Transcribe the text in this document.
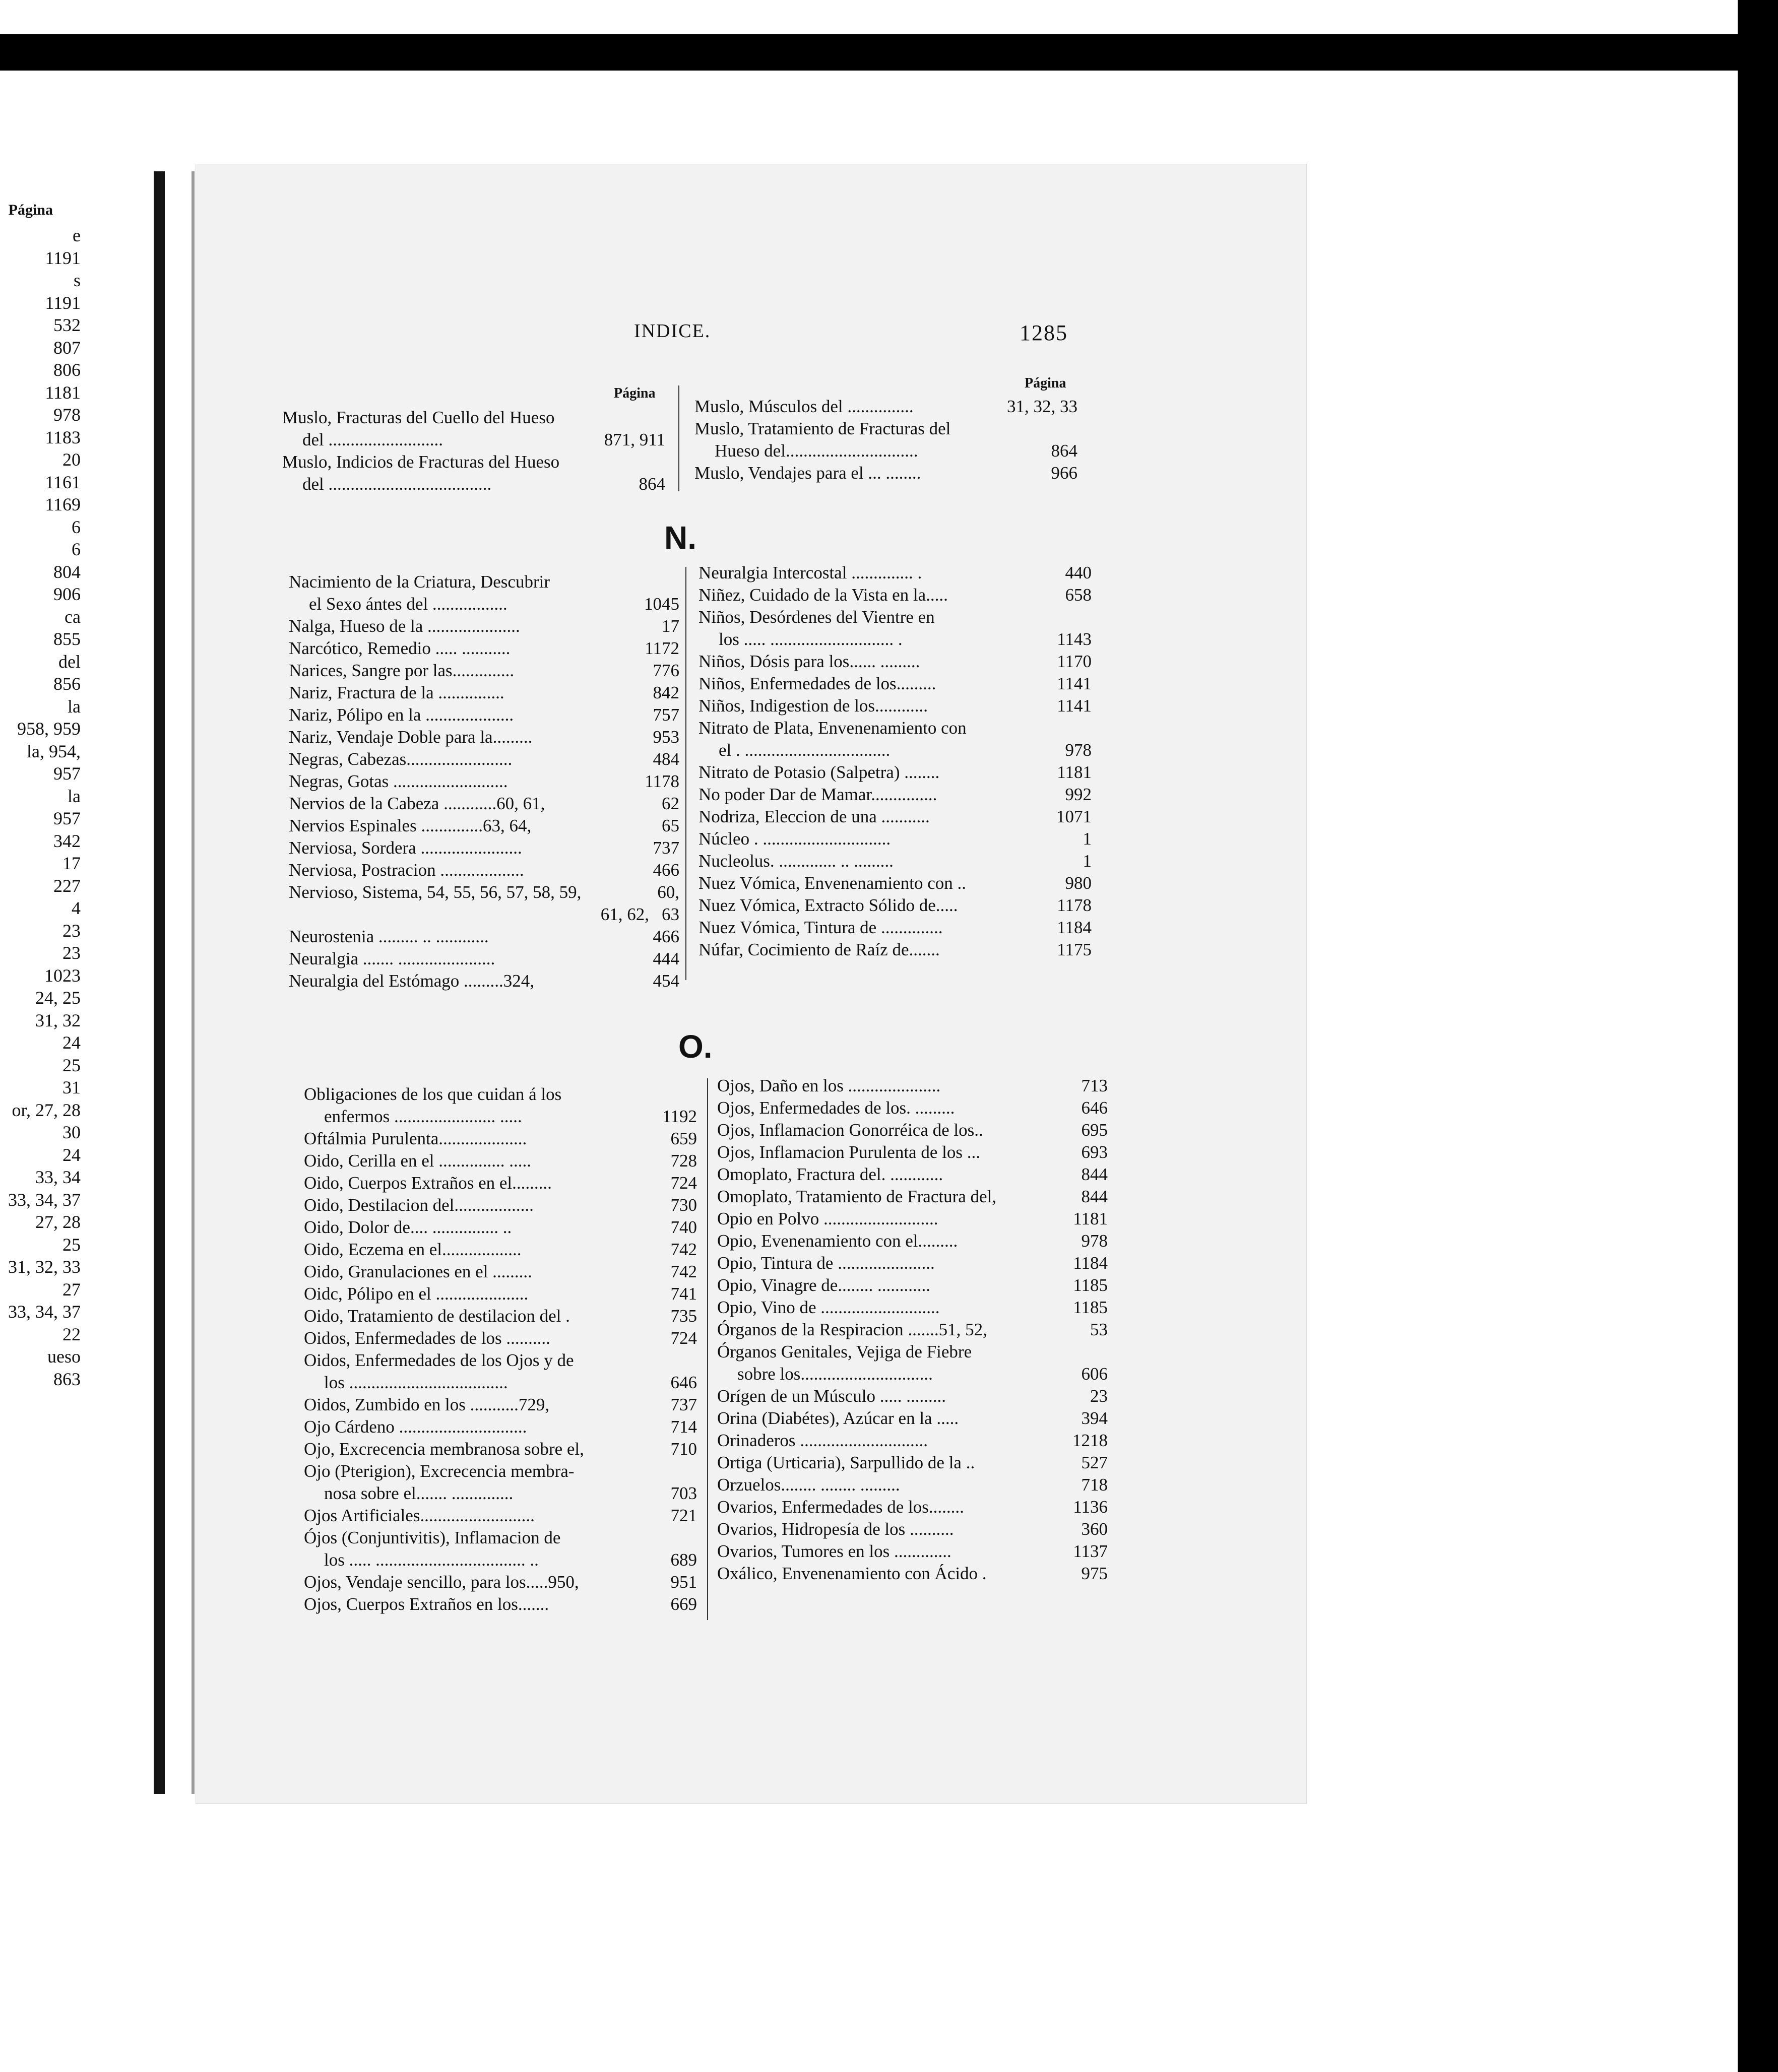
Página
e
1191
s
1191
532
807
806
1181
978
1183
20
1161
1169
6
6
804
906
ca
855
del
856
la
958, 959
la, 954,
957
la
957
342
17
227
4
23
23
1023
24, 25
31, 32
24
25
31
or, 27, 28
30
24
33, 34
33, 34, 37
27, 28
25
31, 32, 33
27
33, 34, 37
22
ueso
863
INDICE.	1285
Página
Página
Muslo, Fracturas del Cuello del Hueso
del ..........................	871, 911
Muslo, Indicios de Fracturas del Hueso
del .....................................	864
Muslo, Músculos del ...............	31, 32, 33
Muslo, Tratamiento de Fracturas del
Hueso del..............................	864
Muslo, Vendajes para el ... ........	966
N.
Nacimiento de la Criatura, Descubrir
el Sexo ántes del .................	1045
Nalga, Hueso de la .....................	17
Narcótico, Remedio ..... ...........	1172
Narices, Sangre por las..............	776
Nariz, Fractura de la ...............	842
Nariz, Pólipo en la ....................	757
Nariz, Vendaje Doble para la.........	953
Negras, Cabezas........................	484
Negras, Gotas ..........................	1178
Nervios de la Cabeza ............60, 61,	62
Nervios Espinales ..............63, 64,	65
Nerviosa, Sordera .......................	737
Nerviosa, Postracion ...................	466
Nervioso, Sistema, 54, 55, 56, 57, 58, 59,	60,
61, 62, 63
Neurostenia ......... .. ............	466
Neuralgia ....... ......................	444
Neuralgia del Estómago .........324,	454
Neuralgia Intercostal .............. .	440
Niñez, Cuidado de la Vista en la.....	658
Niños, Desórdenes del Vientre en
los ..... ............................ .	1143
Niños, Dósis para los...... .........	1170
Niños, Enfermedades de los.........	1141
Niños, Indigestion de los............	1141
Nitrato de Plata, Envenenamiento con
el . .................................	978
Nitrato de Potasio (Salpetra) ........	1181
No poder Dar de Mamar...............	992
Nodriza, Eleccion de una ...........	1071
Núcleo . .............................	1
Nucleolus. ............. .. .........	1
Nuez Vómica, Envenenamiento con ..	980
Nuez Vómica, Extracto Sólido de.....	1178
Nuez Vómica, Tintura de ..............	1184
Núfar, Cocimiento de Raíz de.......	1175
O.
Obligaciones de los que cuidan á los
enfermos ....................... .....	1192
Oftálmia Purulenta....................	659
Oido, Cerilla en el ............... .....	728
Oido, Cuerpos Extraños en el.........	724
Oido, Destilacion del..................	730
Oido, Dolor de.... ............... ..	740
Oido, Eczema en el..................	742
Oido, Granulaciones en el .........	742
Oidc, Pólipo en el .....................	741
Oido, Tratamiento de destilacion del .	735
Oidos, Enfermedades de los ..........	724
Oidos, Enfermedades de los Ojos y de
los ....................................	646
Oidos, Zumbido en los ...........729,	737
Ojo Cárdeno .............................	714
Ojo, Excrecencia membranosa sobre el,	710
Ojo (Pterigion), Excrecencia membra-
nosa sobre el....... ..............	703
Ojos Artificiales..........................	721
Ójos (Conjuntivitis), Inflamacion de
los ..... .................................. ..	689
Ojos, Vendaje sencillo, para los.....950,	951
Ojos, Cuerpos Extraños en los.......	669
Ojos, Daño en los .....................	713
Ojos, Enfermedades de los. .........	646
Ojos, Inflamacion Gonorréica de los..	695
Ojos, Inflamacion Purulenta de los ...	693
Omoplato, Fractura del. ............	844
Omoplato, Tratamiento de Fractura del,	844
Opio en Polvo ..........................	1181
Opio, Evenenamiento con el.........	978
Opio, Tintura de ......................	1184
Opio, Vinagre de........ ............	1185
Opio, Vino de ...........................	1185
Órganos de la Respiracion .......51, 52,	53
Órganos Genitales, Vejiga de Fiebre
sobre los..............................	606
Orígen de un Músculo ..... .........	23
Orina (Diabétes), Azúcar en la .....	394
Orinaderos .............................	1218
Ortiga (Urticaria), Sarpullido de la ..	527
Orzuelos........ ........ .........	718
Ovarios, Enfermedades de los........	1136
Ovarios, Hidropesía de los ..........	360
Ovarios, Tumores en los .............	1137
Oxálico, Envenenamiento con Ácido .	975
